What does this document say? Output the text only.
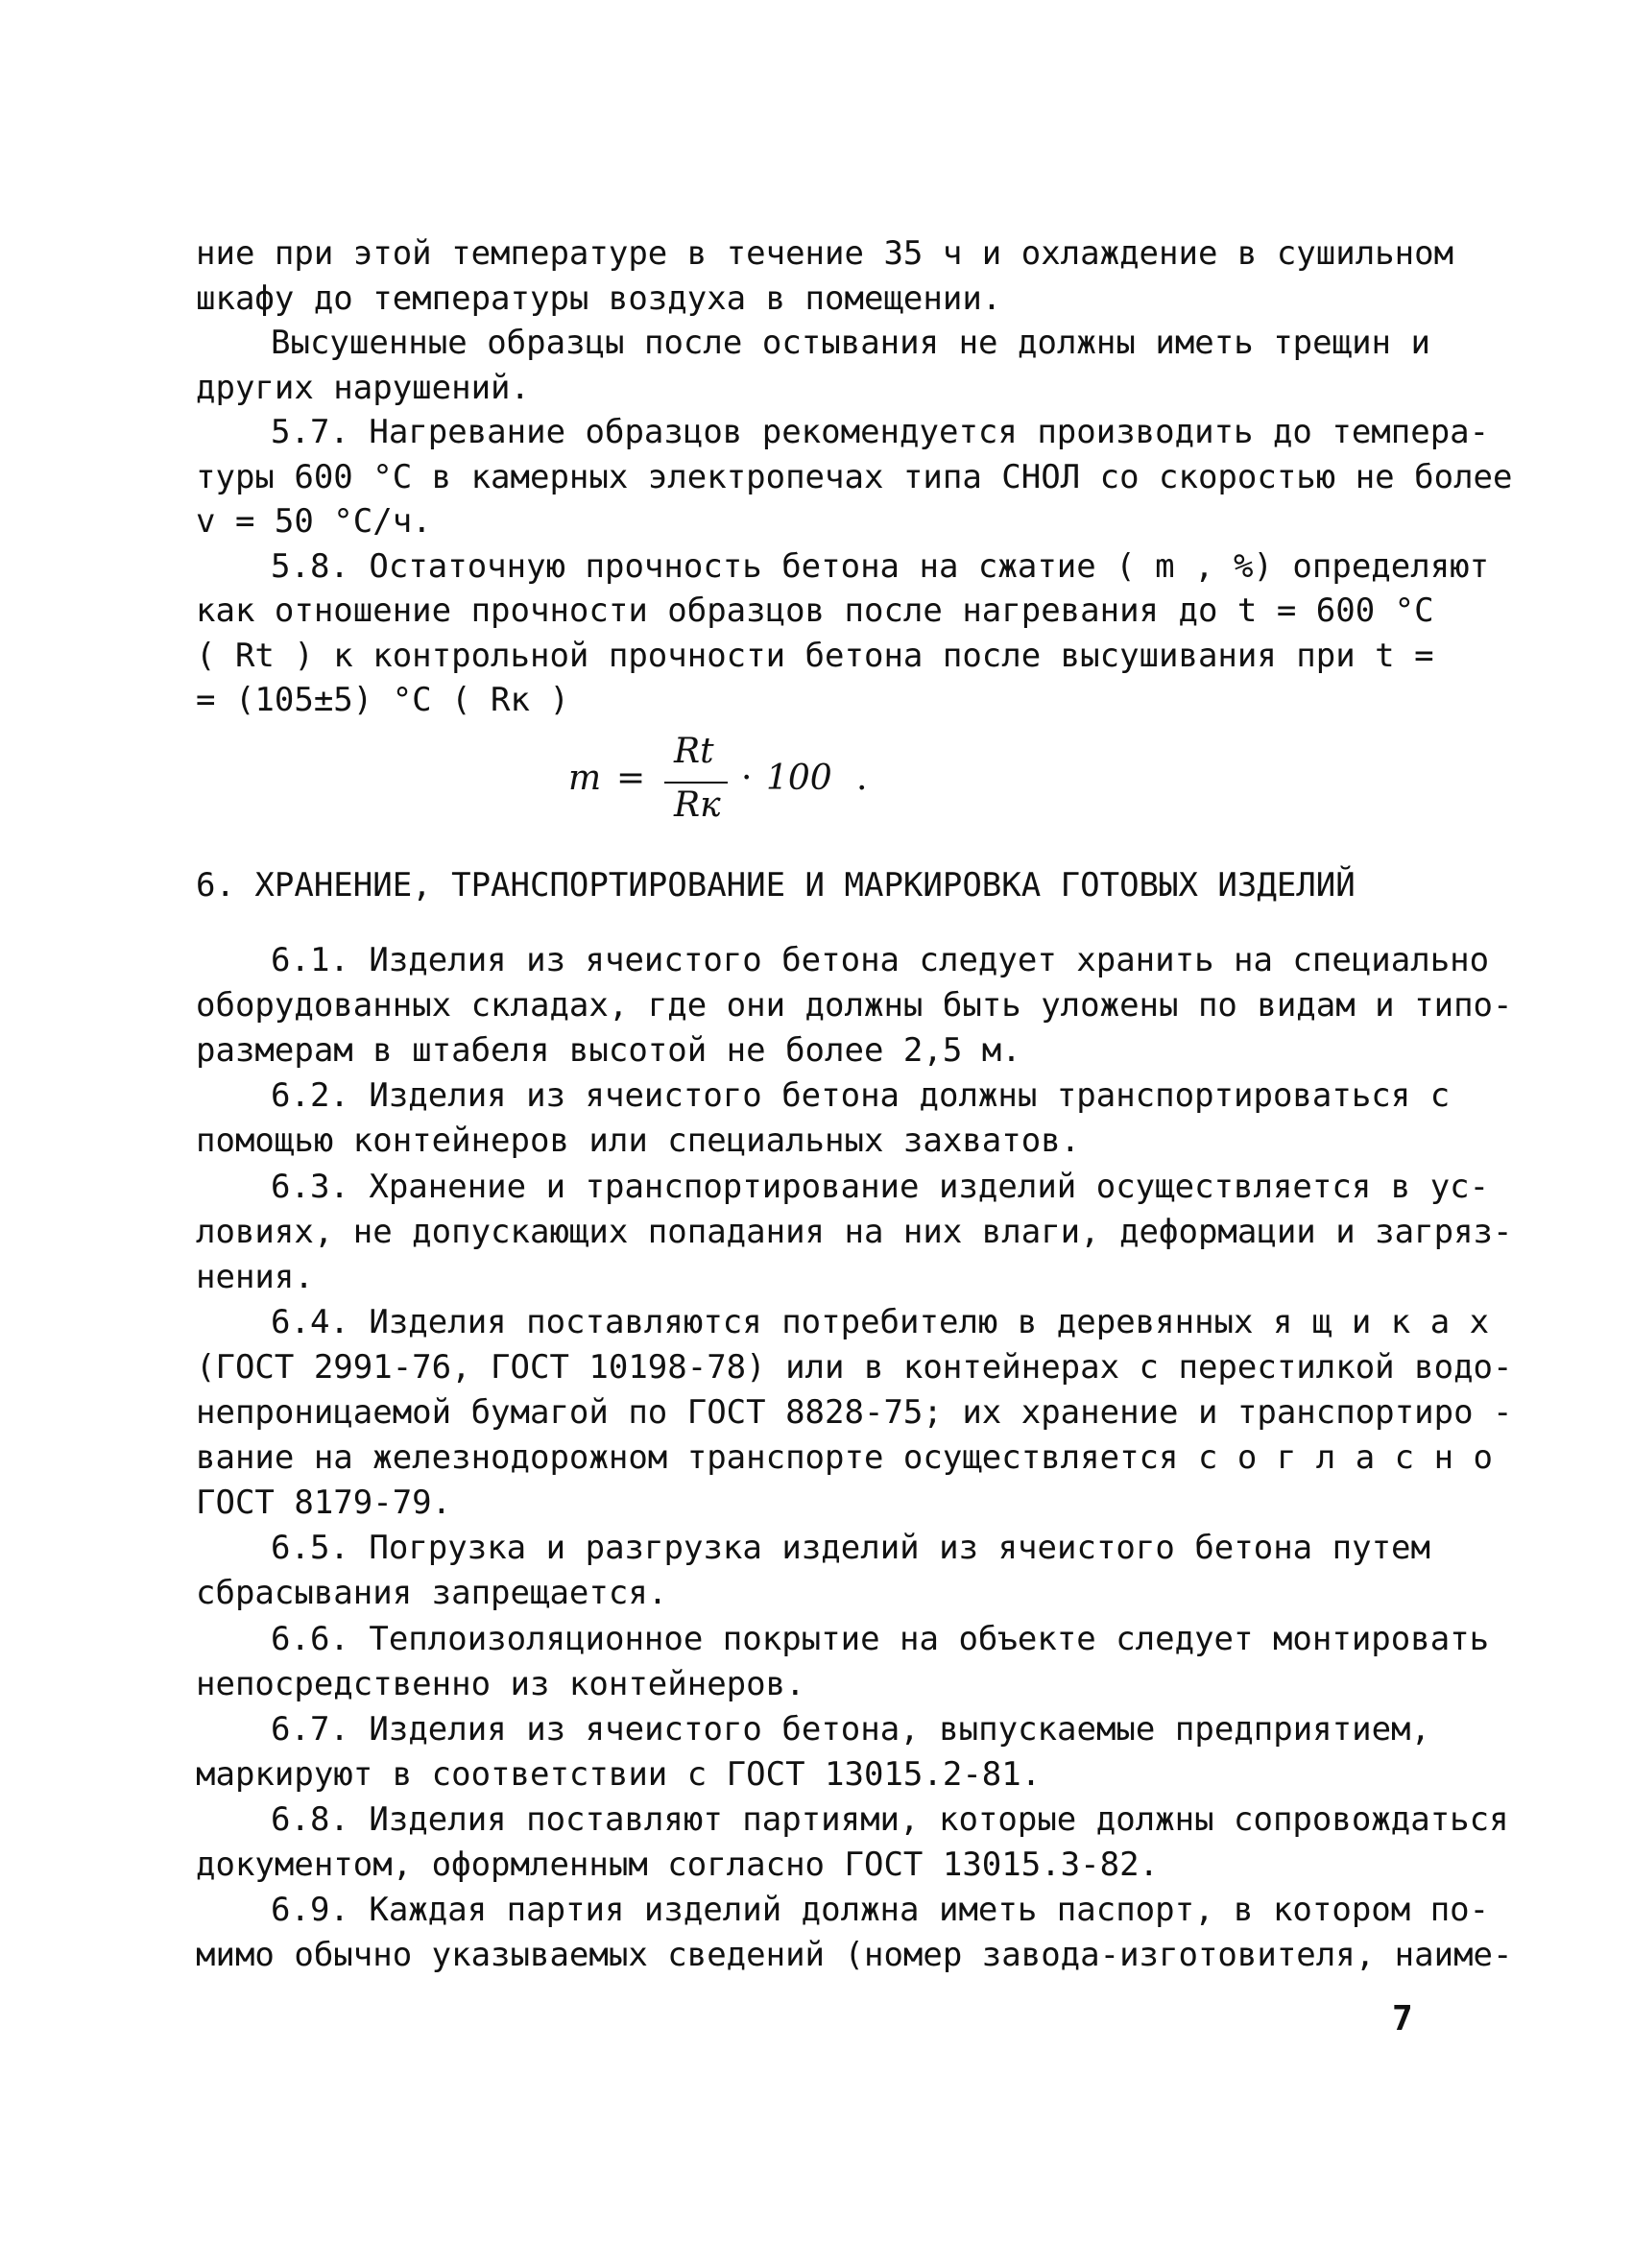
ние при этой температуре в течение 35 ч и охлаждение в сушильном
шкафу до температуры воздуха в помещении.
Высушенные образцы после остывания не должны иметь трещин и
других нарушений.
5.7. Нагревание образцов рекомендуется производить до темпера-
туры 600 °С в камерных электропечах типа СНОЛ со скоростью не более
v = 50 °С/ч.
5.8. Остаточную прочность бетона на сжатие ( m , %) определяют
как отношение прочности образцов после нагревания до t = 600 °С
( Rt ) к контрольной прочности бетона после высушивания при t =
= (105±5) °С ( Rк )
m =
Rt
Rк
· 100 .
6. ХРАНЕНИЕ, ТРАНСПОРТИРОВАНИЕ И МАРКИРОВКА ГОТОВЫХ ИЗДЕЛИЙ
6.1. Изделия из ячеистого бетона следует хранить на специально
оборудованных складах, где они должны быть уложены по видам и типо-
размерам в штабеля высотой не более 2,5 м.
6.2. Изделия из ячеистого бетона должны транспортироваться с
помощью контейнеров или специальных захватов.
6.3. Хранение и транспортирование изделий осуществляется в ус-
ловиях, не допускающих попадания на них влаги, деформации и загряз-
нения.
6.4. Изделия поставляются потребителю в деревянных я щ и к а х
(ГОСТ 2991-76, ГОСТ 10198-78) или в контейнерах с перестилкой водо-
непроницаемой бумагой по ГОСТ 8828-75; их хранение и транспортиро -
вание на железнодорожном транспорте осуществляется с о г л а с н о
ГОСТ 8179-79.
6.5. Погрузка и разгрузка изделий из ячеистого бетона путем
сбрасывания запрещается.
6.6. Теплоизоляционное покрытие на объекте следует монтировать
непосредственно из контейнеров.
6.7. Изделия из ячеистого бетона, выпускаемые предприятием,
маркируют в соответствии с ГОСТ 13015.2-81.
6.8. Изделия поставляют партиями, которые должны сопровождаться
документом, оформленным согласно ГОСТ 13015.3-82.
6.9. Каждая партия изделий должна иметь паспорт, в котором по-
мимо обычно указываемых сведений (номер завода-изготовителя, наиме-
7
